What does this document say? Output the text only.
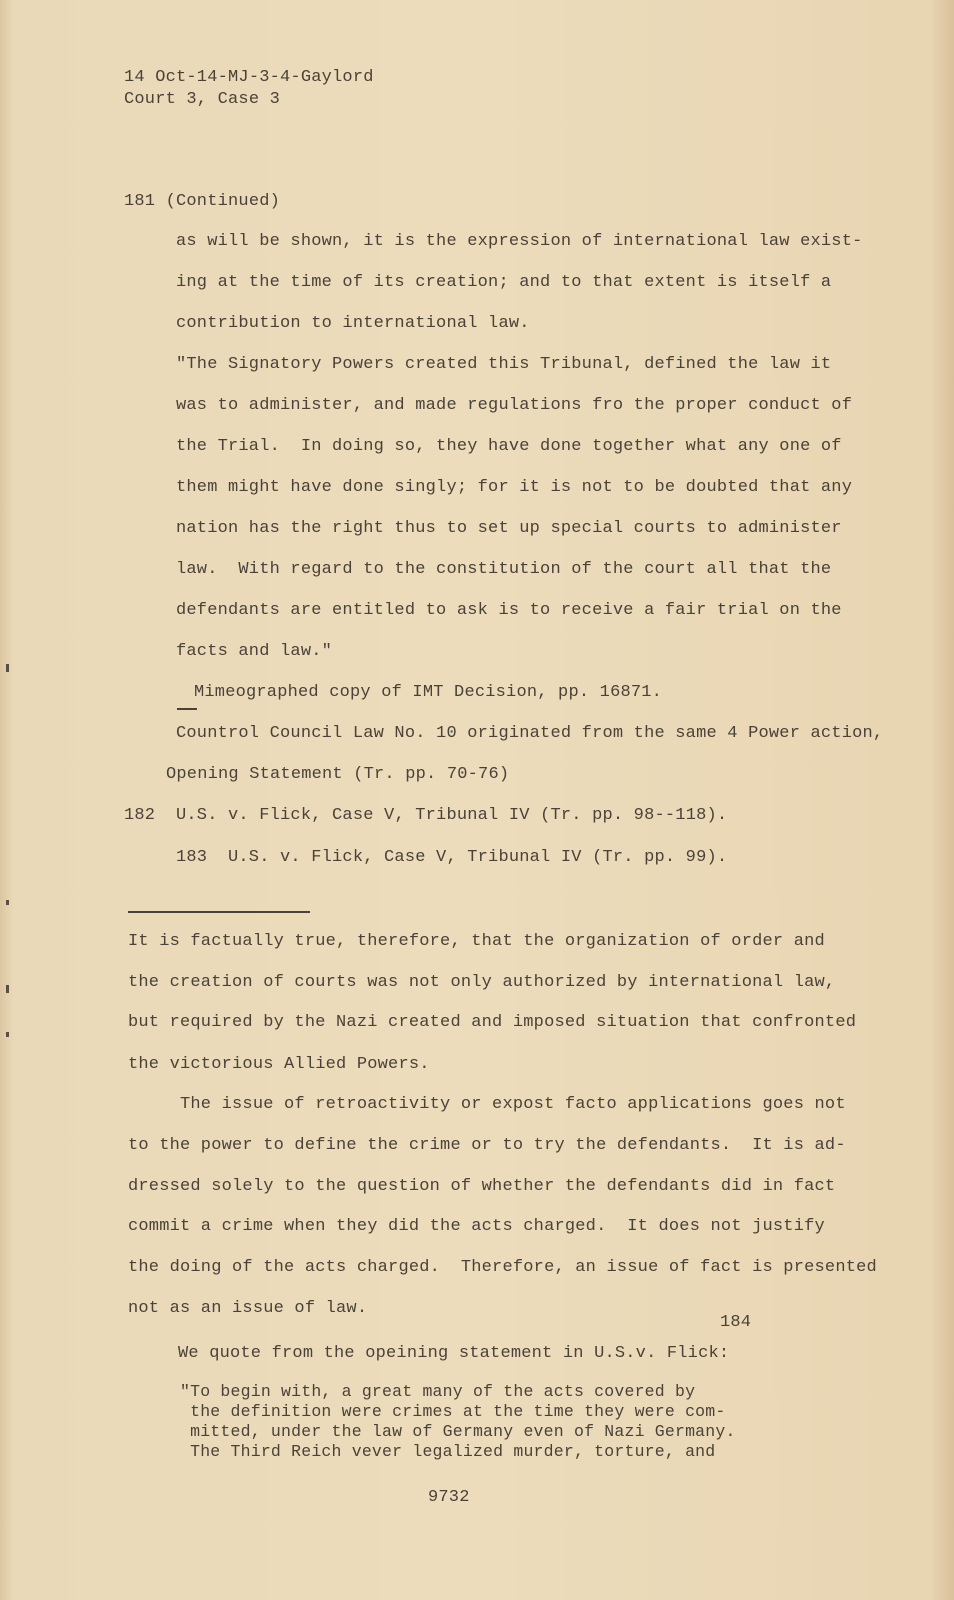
14 Oct-14-MJ-3-4-Gaylord
Court 3, Case 3
181 (Continued)
as will be shown, it is the expression of international law exist-
ing at the time of its creation; and to that extent is itself a
contribution to international law.
"The Signatory Powers created this Tribunal, defined the law it
was to administer, and made regulations fro the proper conduct of
the Trial.  In doing so, they have done together what any one of
them might have done singly; for it is not to be doubted that any
nation has the right thus to set up special courts to administer
law.  With regard to the constitution of the court all that the
defendants are entitled to ask is to receive a fair trial on the
facts and law."
Mimeographed copy of IMT Decision, pp. 16871.
Countrol Council Law No. 10 originated from the same 4 Power action,
Opening Statement (Tr. pp. 70-76)
182  U.S. v. Flick, Case V, Tribunal IV (Tr. pp. 98--118).
183  U.S. v. Flick, Case V, Tribunal IV (Tr. pp. 99).
It is factually true, therefore, that the organization of order and
the creation of courts was not only authorized by international law,
but required by the Nazi created and imposed situation that confronted
the victorious Allied Powers.
The issue of retroactivity or expost facto applications goes not
to the power to define the crime or to try the defendants.  It is ad-
dressed solely to the question of whether the defendants did in fact
commit a crime when they did the acts charged.  It does not justify
the doing of the acts charged.  Therefore, an issue of fact is presented
not as an issue of law.
184
We quote from the opeining statement in U.S.v. Flick:
"To begin with, a great many of the acts covered by
the definition were crimes at the time they were com-
mitted, under the law of Germany even of Nazi Germany.
The Third Reich vever legalized murder, torture, and
9732
